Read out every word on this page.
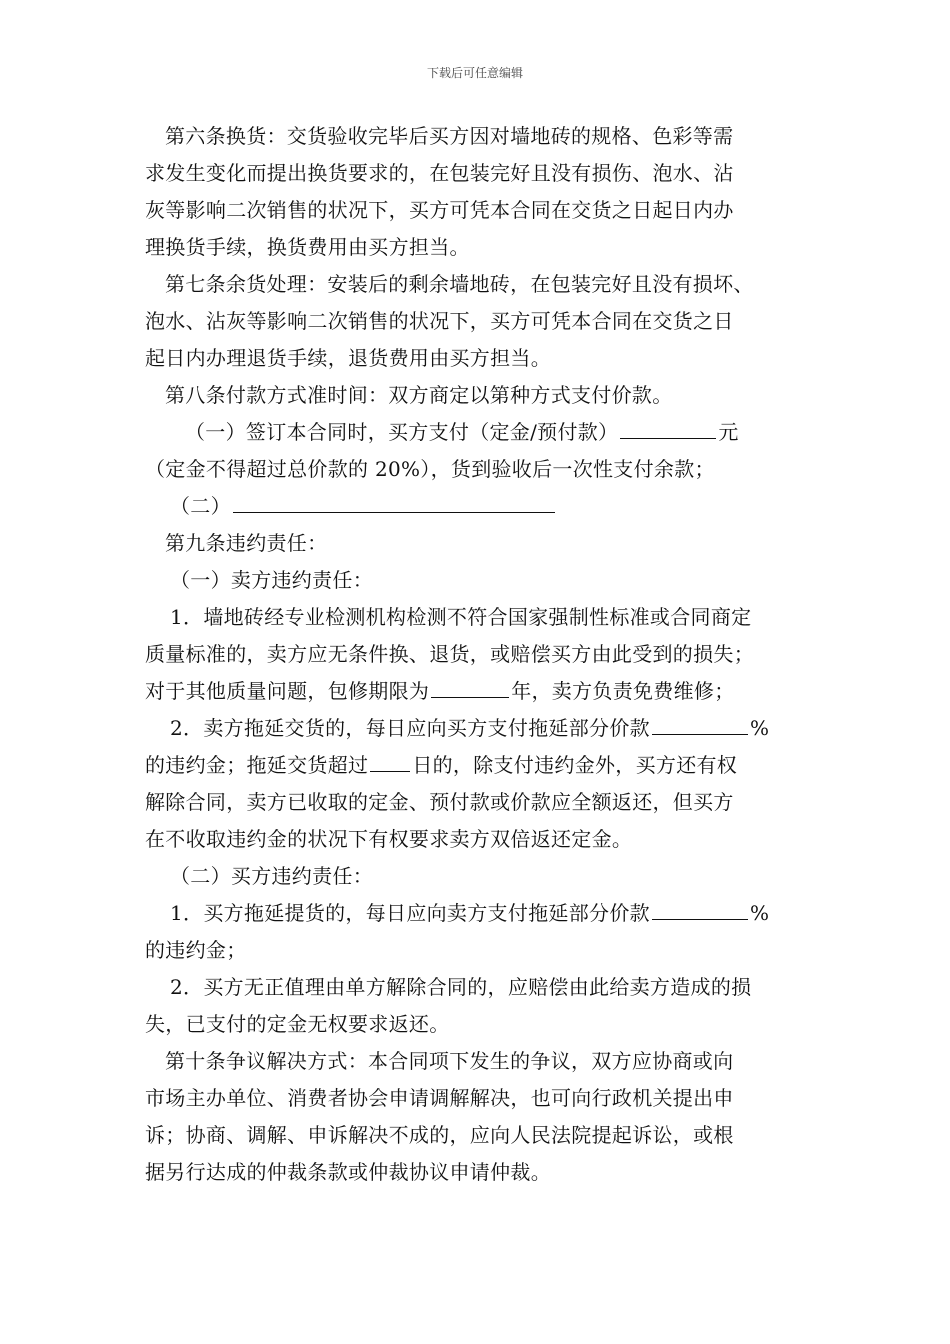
下载后可任意编辑
第六条换货：交货验收完毕后买方因对墙地砖的规格、色彩等需
求发生变化而提出换货要求的，在包装完好且没有损伤、泡水、沾
灰等影响二次销售的状况下，买方可凭本合同在交货之日起日内办
理换货手续，换货费用由买方担当。
第七条余货处理：安装后的剩余墙地砖，在包装完好且没有损坏、
泡水、沾灰等影响二次销售的状况下，买方可凭本合同在交货之日
起日内办理退货手续，退货费用由买方担当。
第八条付款方式准时间：双方商定以第种方式支付价款。
（一）签订本合同时，买方支付（定金/预付款）	元
（定金不得超过总价款的 20%），货到验收后一次性支付余款；
（二）
第九条违约责任：
（一）卖方违约责任：
1．墙地砖经专业检测机构检测不符合国家强制性标准或合同商定
质量标准的，卖方应无条件换、退货，或赔偿买方由此受到的损失；
对于其他质量问题，包修期限为	年，卖方负责免费维修；
2．卖方拖延交货的，每日应向买方支付拖延部分价款	%
的违约金；拖延交货超过 日的，除支付违约金外，买方还有权
解除合同，卖方已收取的定金、预付款或价款应全额返还，但买方
在不收取违约金的状况下有权要求卖方双倍返还定金。
（二）买方违约责任：
1．买方拖延提货的，每日应向卖方支付拖延部分价款	%
的违约金；
2．买方无正值理由单方解除合同的，应赔偿由此给卖方造成的损
失，已支付的定金无权要求返还。
第十条争议解决方式：本合同项下发生的争议，双方应协商或向
市场主办单位、消费者协会申请调解解决，也可向行政机关提出申
诉；协商、调解、申诉解决不成的，应向人民法院提起诉讼，或根
据另行达成的仲裁条款或仲裁协议申请仲裁。
